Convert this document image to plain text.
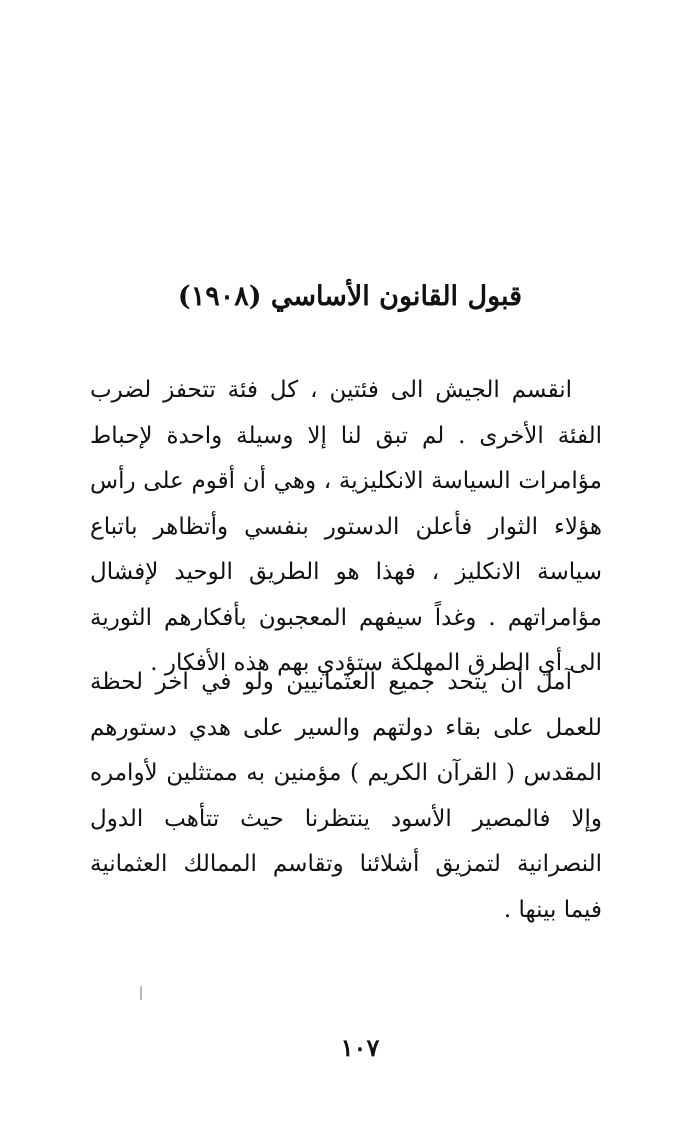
قبول القانون الأساسي (١٩٠٨)

انقسم الجيش الى فئتين ، كل فئة تتحفز لضرب الفئة الأخرى . لم تبق لنا إلا وسيلة واحدة لإحباط مؤامرات السياسة الانكليزية ، وهي أن أقوم على رأس هؤلاء الثوار فأعلن الدستور بنفسي وأتظاهر باتباع سياسة الانكليز ، فهذا هو الطريق الوحيد لإفشال مؤامراتهم . وغداً سيفهم المعجبون بأفكارهم الثورية الى أي الطرق المهلكة ستؤدي بهم هذه الأفكار .

آمل أن يتحد جميع العثمانيين ولو في آخر لحظة للعمل على بقاء دولتهم والسير على هدي دستورهم المقدس ( القرآن الكريم ) مؤمنين به ممتثلين لأوامره وإلا فالمصير الأسود ينتظرنا حيث تتأهب الدول النصرانية لتمزيق أشلائنا وتقاسم الممالك العثمانية فيما بينها .

١٠٧
